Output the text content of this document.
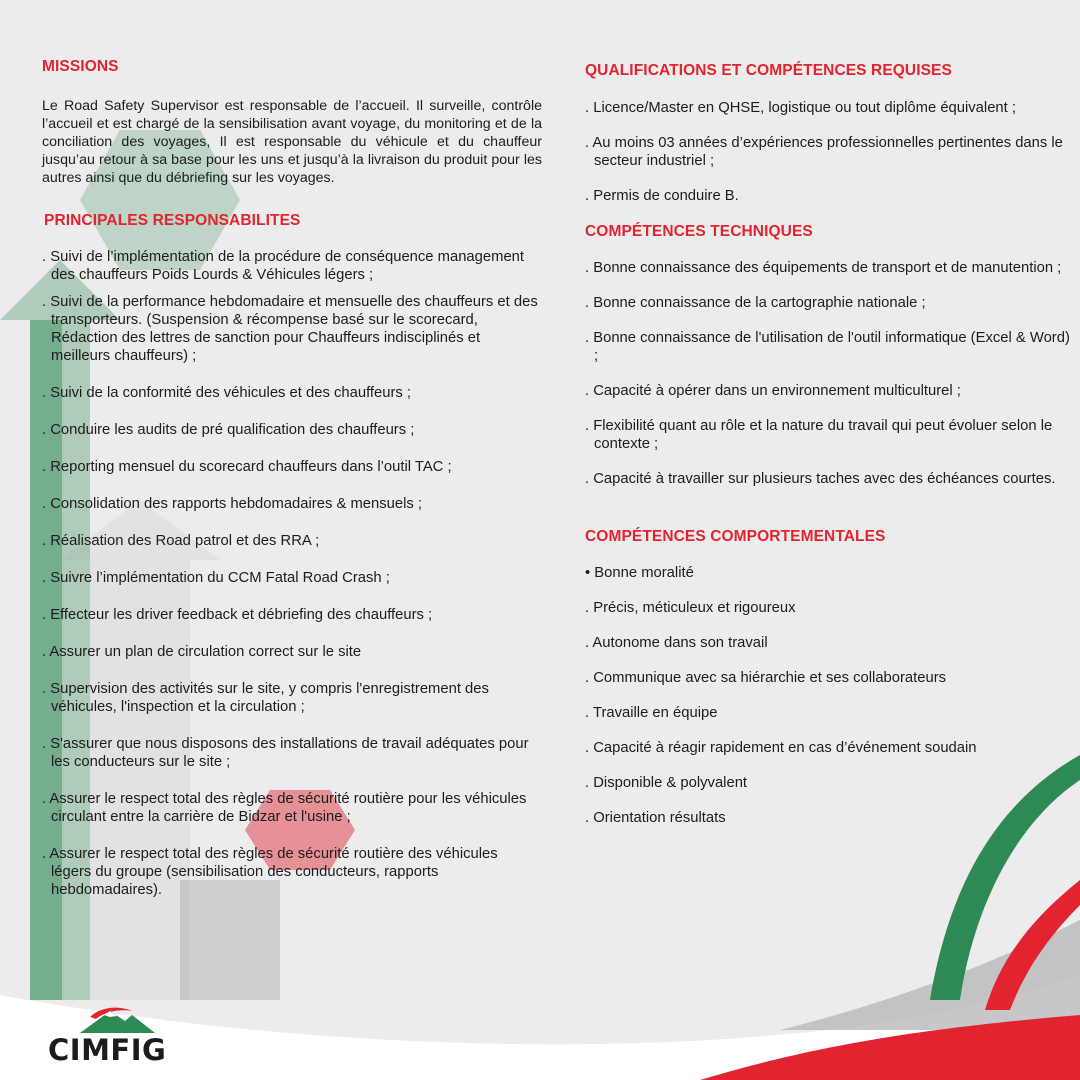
MISSIONS

Le Road Safety Supervisor est responsable de l’accueil. Il surveille, contrôle l’accueil et est chargé de la sensibilisation avant voyage, du monitoring et de la conciliation des voyages, Il est responsable du véhicule et du chauffeur jusqu’au retour à sa base pour les uns et jusqu’à la livraison du produit pour les autres ainsi que du débriefing sur les voyages.

PRINCIPALES RESPONSABILITES

. Suivi de l’implémentation de la procédure de conséquence management des chauffeurs Poids Lourds & Véhicules légers ;

. Suivi de la performance hebdomadaire et mensuelle des chauffeurs et des transporteurs. (Suspension & récompense basé sur le scorecard, Rédaction des lettres de sanction pour Chauffeurs indisciplinés et meilleurs chauffeurs) ;

. Suivi de la conformité des véhicules et des chauffeurs ;

. Conduire les audits de pré qualification des chauffeurs ;

. Reporting mensuel du scorecard chauffeurs dans l’outil TAC ;

. Consolidation des rapports hebdomadaires & mensuels ;

. Réalisation des Road patrol et des RRA ;

. Suivre l’implémentation du CCM Fatal Road Crash ;

. Effecteur les driver feedback et débriefing des chauffeurs ;

. Assurer un plan de circulation correct sur le site

. Supervision des activités sur le site, y compris l'enregistrement des véhicules, l'inspection et la circulation ;

. S'assurer que nous disposons des installations de travail adéquates pour les conducteurs sur le site ;

. Assurer le respect total des règles de sécurité routière pour les véhicules circulant entre la carrière de Bidzar et l'usine ;

. Assurer le respect total des règles de sécurité routière des véhicules légers du groupe (sensibilisation des conducteurs, rapports hebdomadaires).

QUALIFICATIONS ET COMPÉTENCES REQUISES

. Licence/Master en QHSE, logistique ou tout diplôme équivalent ;

. Au moins 03 années d’expériences professionnelles pertinentes dans le secteur industriel ;

. Permis de conduire B.

COMPÉTENCES TECHNIQUES

. Bonne connaissance des équipements de transport et de manutention ;

. Bonne connaissance de la cartographie nationale ;

. Bonne connaissance de l'utilisation de l'outil informatique (Excel & Word) ;

. Capacité à opérer dans un environnement multiculturel ;

. Flexibilité quant au rôle et la nature du travail qui peut évoluer selon le contexte ;

. Capacité à travailler sur plusieurs taches avec des échéances courtes.

COMPÉTENCES COMPORTEMENTALES

• Bonne moralité

. Précis, méticuleux et rigoureux

. Autonome dans son travail

. Communique avec sa hiérarchie et ses collaborateurs

. Travaille en équipe

. Capacité à réagir rapidement en cas d’événement soudain

. Disponible & polyvalent

. Orientation résultats

CIMFIG
